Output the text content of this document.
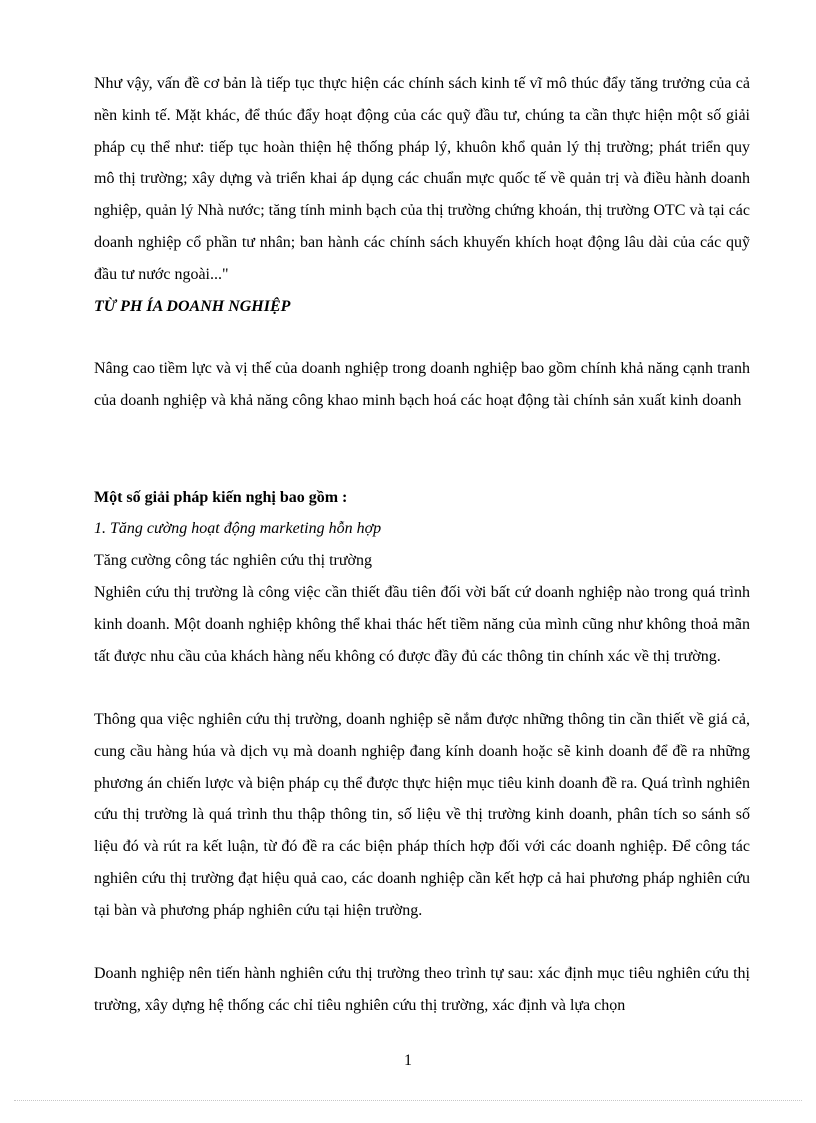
Như vậy, vấn đề cơ bản là tiếp tục thực hiện các chính sách kinh tế vĩ mô thúc đẩy tăng trưởng của cả nền kinh tế. Mặt khác, để thúc đẩy hoạt động của các quỹ đầu tư, chúng ta cần thực hiện một số giải pháp cụ thể như: tiếp tục hoàn thiện hệ thống pháp lý, khuôn khổ quản lý thị trường; phát triển quy mô thị trường; xây dựng và triển khai áp dụng các chuẩn mực quốc tế về quản trị và điều hành doanh nghiệp, quản lý Nhà nước; tăng tính minh bạch của thị trường chứng khoán, thị trường OTC và tại các doanh nghiệp cổ phần tư nhân; ban hành các chính sách khuyến khích hoạt động lâu dài của các quỹ đầu tư nước ngoài..."

TỪ PH ÍA DOANH NGHIỆP

Nâng cao tiềm lực và vị thế của doanh nghiệp trong doanh nghiệp bao gồm chính khả năng cạnh tranh của doanh nghiệp và khả năng công khao minh bạch hoá các hoạt động tài chính sản xuất kinh doanh

Một số giải pháp kiến nghị bao gồm :

1. Tăng cường hoạt động marketing hỗn hợp

Tăng cường công tác nghiên cứu thị trường

Nghiên cứu thị trường là công việc cần thiết đầu tiên đối vời bất cứ doanh nghiệp nào trong quá trình kinh doanh. Một doanh nghiệp không thể khai thác hết tiềm năng của mình cũng như không thoả mãn tất được nhu cầu của khách hàng nếu không có được đầy đủ các thông tin chính xác về thị trường.

Thông qua việc nghiên cứu thị trường, doanh nghiệp sẽ nắm được những thông tin cần thiết về giá cả, cung cầu hàng húa và dịch vụ mà doanh nghiệp đang kính doanh hoặc sẽ kinh doanh để đề ra những phương án chiến lược và biện pháp cụ thể được thực hiện mục tiêu kinh doanh đề ra. Quá trình nghiên cứu thị trường là quá trình thu thập thông tin, số liệu về thị trường kinh doanh, phân tích so sánh số liệu đó và rút ra kết luận, từ đó đề ra các biện pháp thích hợp đối với các doanh nghiệp. Để công tác nghiên cứu thị trường đạt hiệu quả cao, các doanh nghiệp cần kết hợp cả hai phương pháp nghiên cứu tại bàn và phương pháp nghiên cứu tại hiện trường.

Doanh nghiệp nên tiến hành nghiên cứu thị trường theo trình tự sau: xác định mục tiêu nghiên cứu thị trường, xây dựng hệ thống các chỉ tiêu nghiên cứu thị trường, xác định và lựa chọn

1
